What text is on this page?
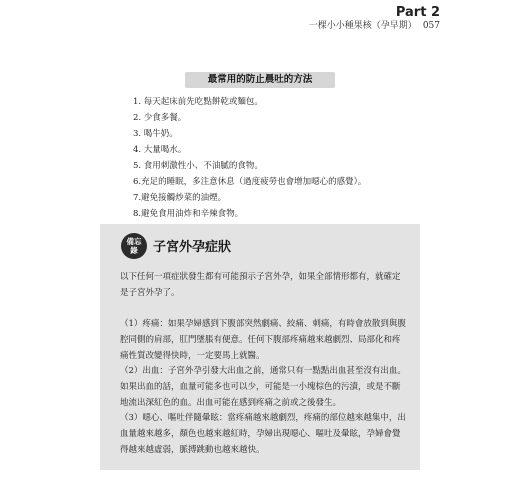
Part 2
一棵小小種果核（孕早期） 057
最常用的防止晨吐的方法
1. 每天起床前先吃點餅乾或麵包。
2. 少食多餐。
3. 喝牛奶。
4. 大量喝水。
5. 食用刺激性小、不油膩的食物。
6.充足的睡眠，多注意休息（過度疲勞也會增加噁心的感覺）。
7.避免接觸炒菜的油煙。
8.避免食用油炸和辛辣食物。
備忘錄	子宮外孕症狀

以下任何一項症狀發生都有可能預示子宮外孕，如果全部情形都有，就確定是子宮外孕了。

（1）疼痛：如果孕婦感到下腹部突然劇痛、絞痛、刺痛，有時會放散到與腹腔同側的肩部，肛門墜脹有便意。任何下腹部疼痛越來越劇烈、局部化和疼痛性質改變得快時，一定要馬上就醫。

（2）出血：子宮外孕引發大出血之前，通常只有一點點出血甚至沒有出血。如果出血的話，血量可能多也可以少，可能是一小塊棕色的污漬，或是不斷地流出深紅色的血。出血可能在感到疼痛之前或之後發生。

（3）噁心、嘔吐伴隨暈眩：當疼痛越來越劇烈，疼痛的部位越來越集中，出血量越來越多，顏色也越來越紅時，孕婦出現噁心、嘔吐及暈眩，孕婦會覺得越來越虛弱，脈搏跳動也越來越快。
